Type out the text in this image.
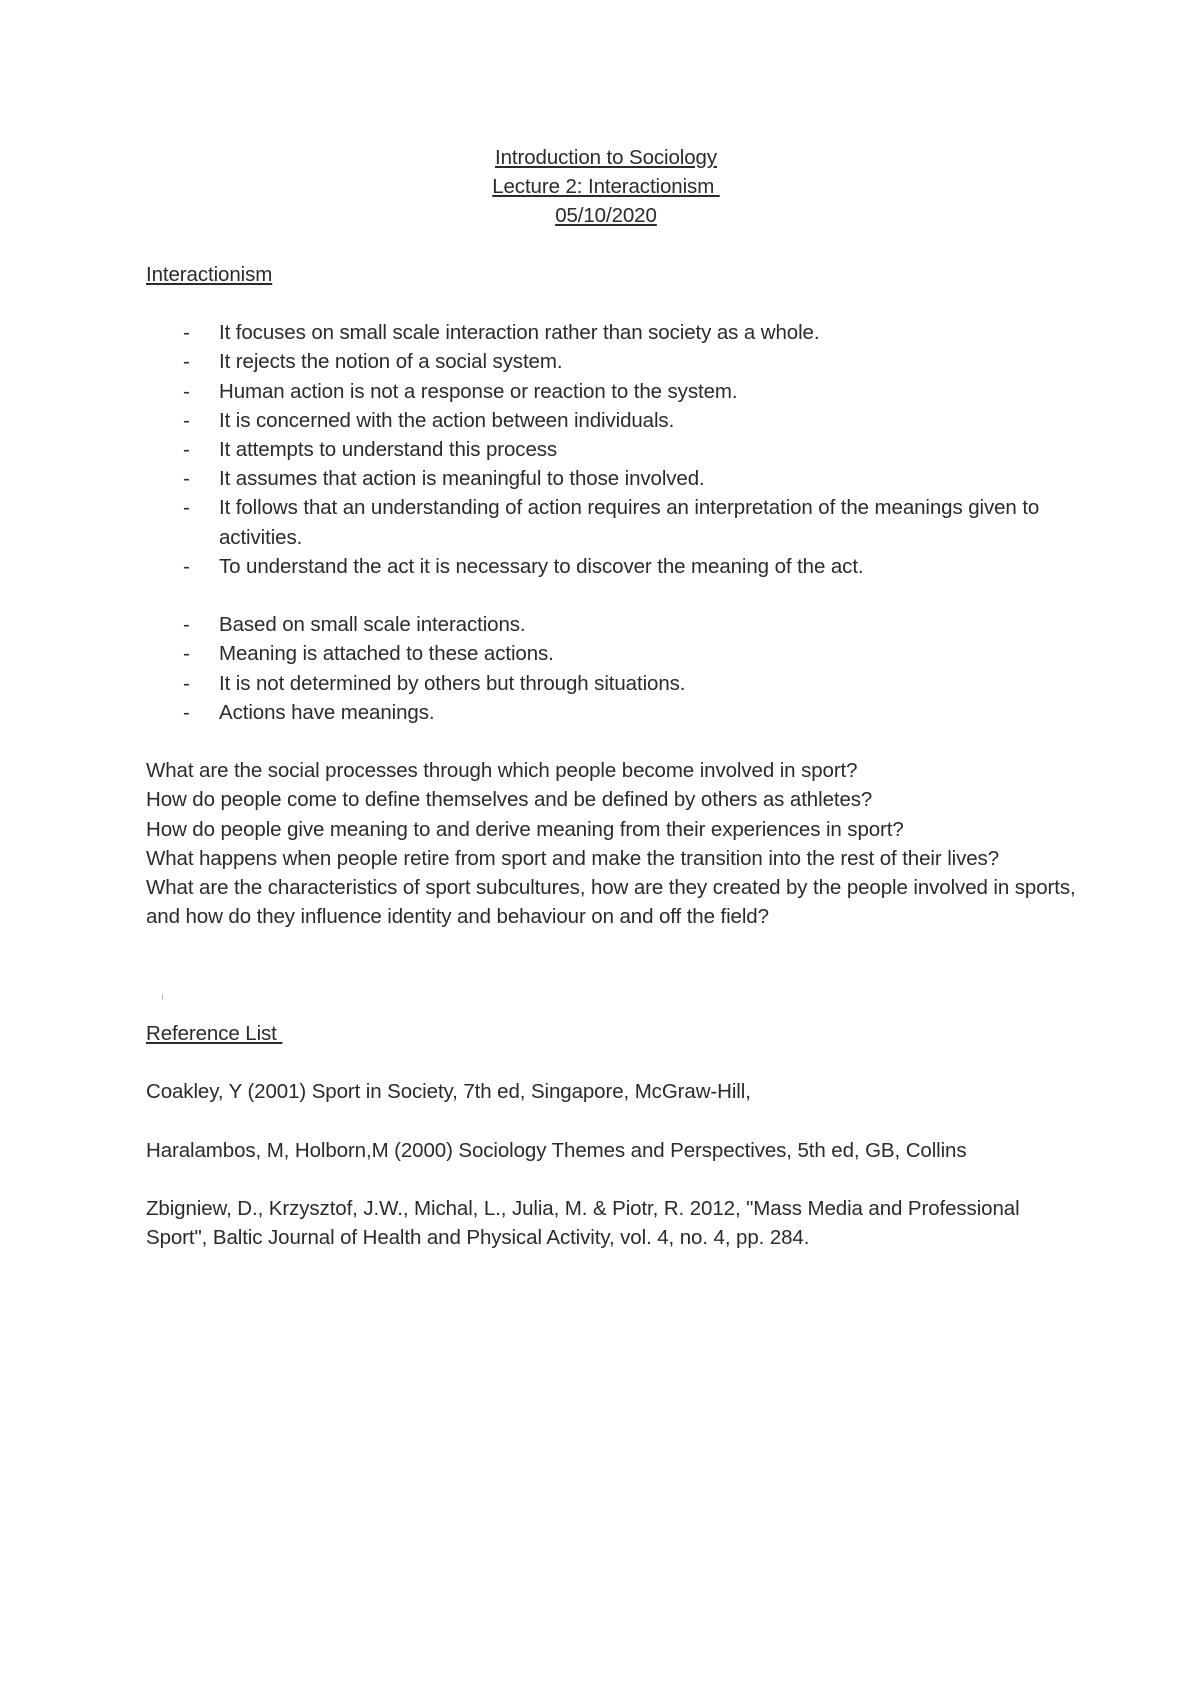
Introduction to Sociology

Lecture 2: Interactionism

05/10/2020

Interactionism

- It focuses on small scale interaction rather than society as a whole.
- It rejects the notion of a social system.
- Human action is not a response or reaction to the system.
- It is concerned with the action between individuals.
- It attempts to understand this process
- It assumes that action is meaningful to those involved.
- It follows that an understanding of action requires an interpretation of the meanings given to activities.
- To understand the act it is necessary to discover the meaning of the act.
- Based on small scale interactions.
- Meaning is attached to these actions.
- It is not determined by others but through situations.
- Actions have meanings.

What are the social processes through which people become involved in sport?

How do people come to define themselves and be defined by others as athletes?

How do people give meaning to and derive meaning from their experiences in sport?

What happens when people retire from sport and make the transition into the rest of their lives?

What are the characteristics of sport subcultures, how are they created by the people involved in sports, and how do they influence identity and behaviour on and off the field?

Reference List

Coakley, Y (2001) Sport in Society, 7th ed, Singapore, McGraw-Hill,

Haralambos, M, Holborn,M (2000) Sociology Themes and Perspectives, 5th ed, GB, Collins

Zbigniew, D., Krzysztof, J.W., Michal, L., Julia, M. & Piotr, R. 2012, "Mass Media and Professional Sport", Baltic Journal of Health and Physical Activity, vol. 4, no. 4, pp. 284.
